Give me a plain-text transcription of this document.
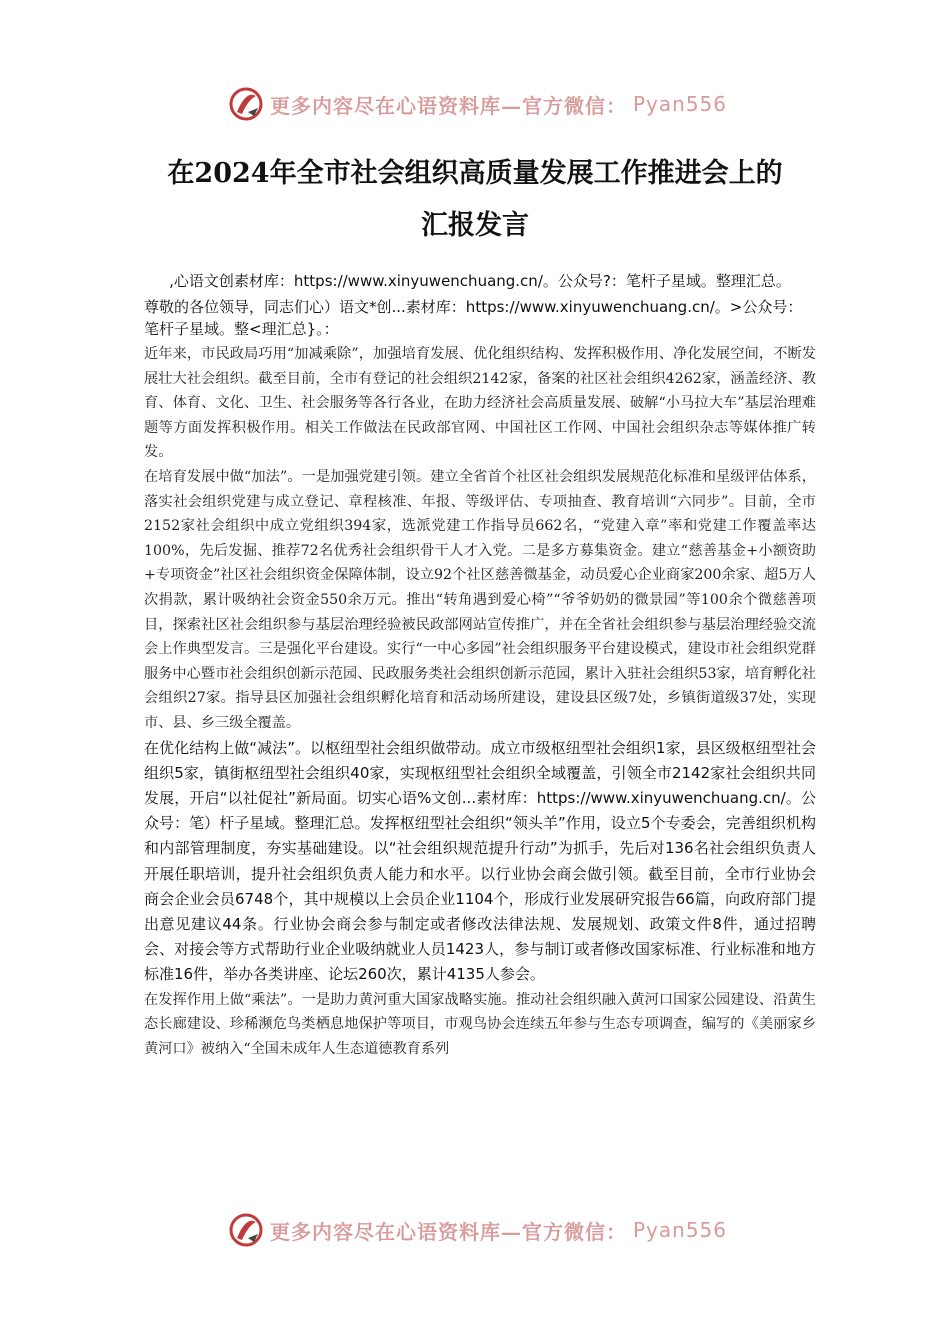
更多内容尽在心语资料库—官方微信： Pyan556
在2024年全市社会组织高质量发展工作推进会上的
汇报发言
,心语文创素材库：https://www.xinyuwenchuang.cn/。公众号?：笔杆子星域。整理汇总。
尊敬的各位领导，同志们心）语文*创...素材库：https://www.xinyuwenchuang.cn/。>公众号：笔杆子星域。整<理汇总}。：

近年来，市民政局巧用“加减乘除”，加强培育发展、优化组织结构、发挥积极作用、净化发展空间，不断发展壮大社会组织。截至目前，全市有登记的社会组织2142家，备案的社区社会组织4262家，涵盖经济、教育、体育、文化、卫生、社会服务等各行各业，在助力经济社会高质量发展、破解“小马拉大车”基层治理难题等方面发挥积极作用。相关工作做法在民政部官网、中国社区工作网、中国社会组织杂志等媒体推广转发。

在培育发展中做“加法”。一是加强党建引领。建立全省首个社区社会组织发展规范化标准和星级评估体系，落实社会组织党建与成立登记、章程核准、年报、等级评估、专项抽查、教育培训“六同步”。目前，全市2152家社会组织中成立党组织394家，选派党建工作指导员662名，“党建入章”率和党建工作覆盖率达100%，先后发掘、推荐72名优秀社会组织骨干人才入党。二是多方募集资金。建立“慈善基金+小额资助+专项资金”社区社会组织资金保障体制，设立92个社区慈善微基金，动员爱心企业商家200余家、超5万人次捐款，累计吸纳社会资金550余万元。推出“转角遇到爱心椅”“爷爷奶奶的微景园”等100余个微慈善项目，探索社区社会组织参与基层治理经验被民政部网站宣传推广，并在全省社会组织参与基层治理经验交流会上作典型发言。三是强化平台建设。实行“一中心多园”社会组织服务平台建设模式，建设市社会组织党群服务中心暨市社会组织创新示范园、民政服务类社会组织创新示范园，累计入驻社会组织53家，培育孵化社会组织27家。指导县区加强社会组织孵化培育和活动场所建设，建设县区级7处，乡镇街道级37处，实现市、县、乡三级全覆盖。

在优化结构上做“减法”。以枢纽型社会组织做带动。成立市级枢纽型社会组织1家，县区级枢纽型社会组织5家，镇街枢纽型社会组织40家，实现枢纽型社会组织全域覆盖，引领全市2142家社会组织共同发展，开启“以社促社”新局面。切实心语%文创...素材库：https://www.xinyuwenchuang.cn/。公众号：笔）杆子星域。整理汇总。发挥枢纽型社会组织“领头羊”作用，设立5个专委会，完善组织机构和内部管理制度，夯实基础建设。以“社会组织规范提升行动”为抓手，先后对136名社会组织负责人开展任职培训，提升社会组织负责人能力和水平。以行业协会商会做引领。截至目前，全市行业协会商会企业会员6748个，其中规模以上会员企业1104个，形成行业发展研究报告66篇，向政府部门提出意见建议44条。行业协会商会参与制定或者修改法律法规、发展规划、政策文件8件，通过招聘会、对接会等方式帮助行业企业吸纳就业人员1423人，参与制订或者修改国家标准、行业标准和地方标准16件，举办各类讲座、论坛260次，累计4135人参会。

在发挥作用上做“乘法”。一是助力黄河重大国家战略实施。推动社会组织融入黄河口国家公园建设、沿黄生态长廊建设、珍稀濒危鸟类栖息地保护等项目，市观鸟协会连续五年参与生态专项调查，编写的《美丽家乡黄河口》被纳入“全国未成年人生态道德教育系列

更多内容尽在心语资料库—官方微信： Pyan556
